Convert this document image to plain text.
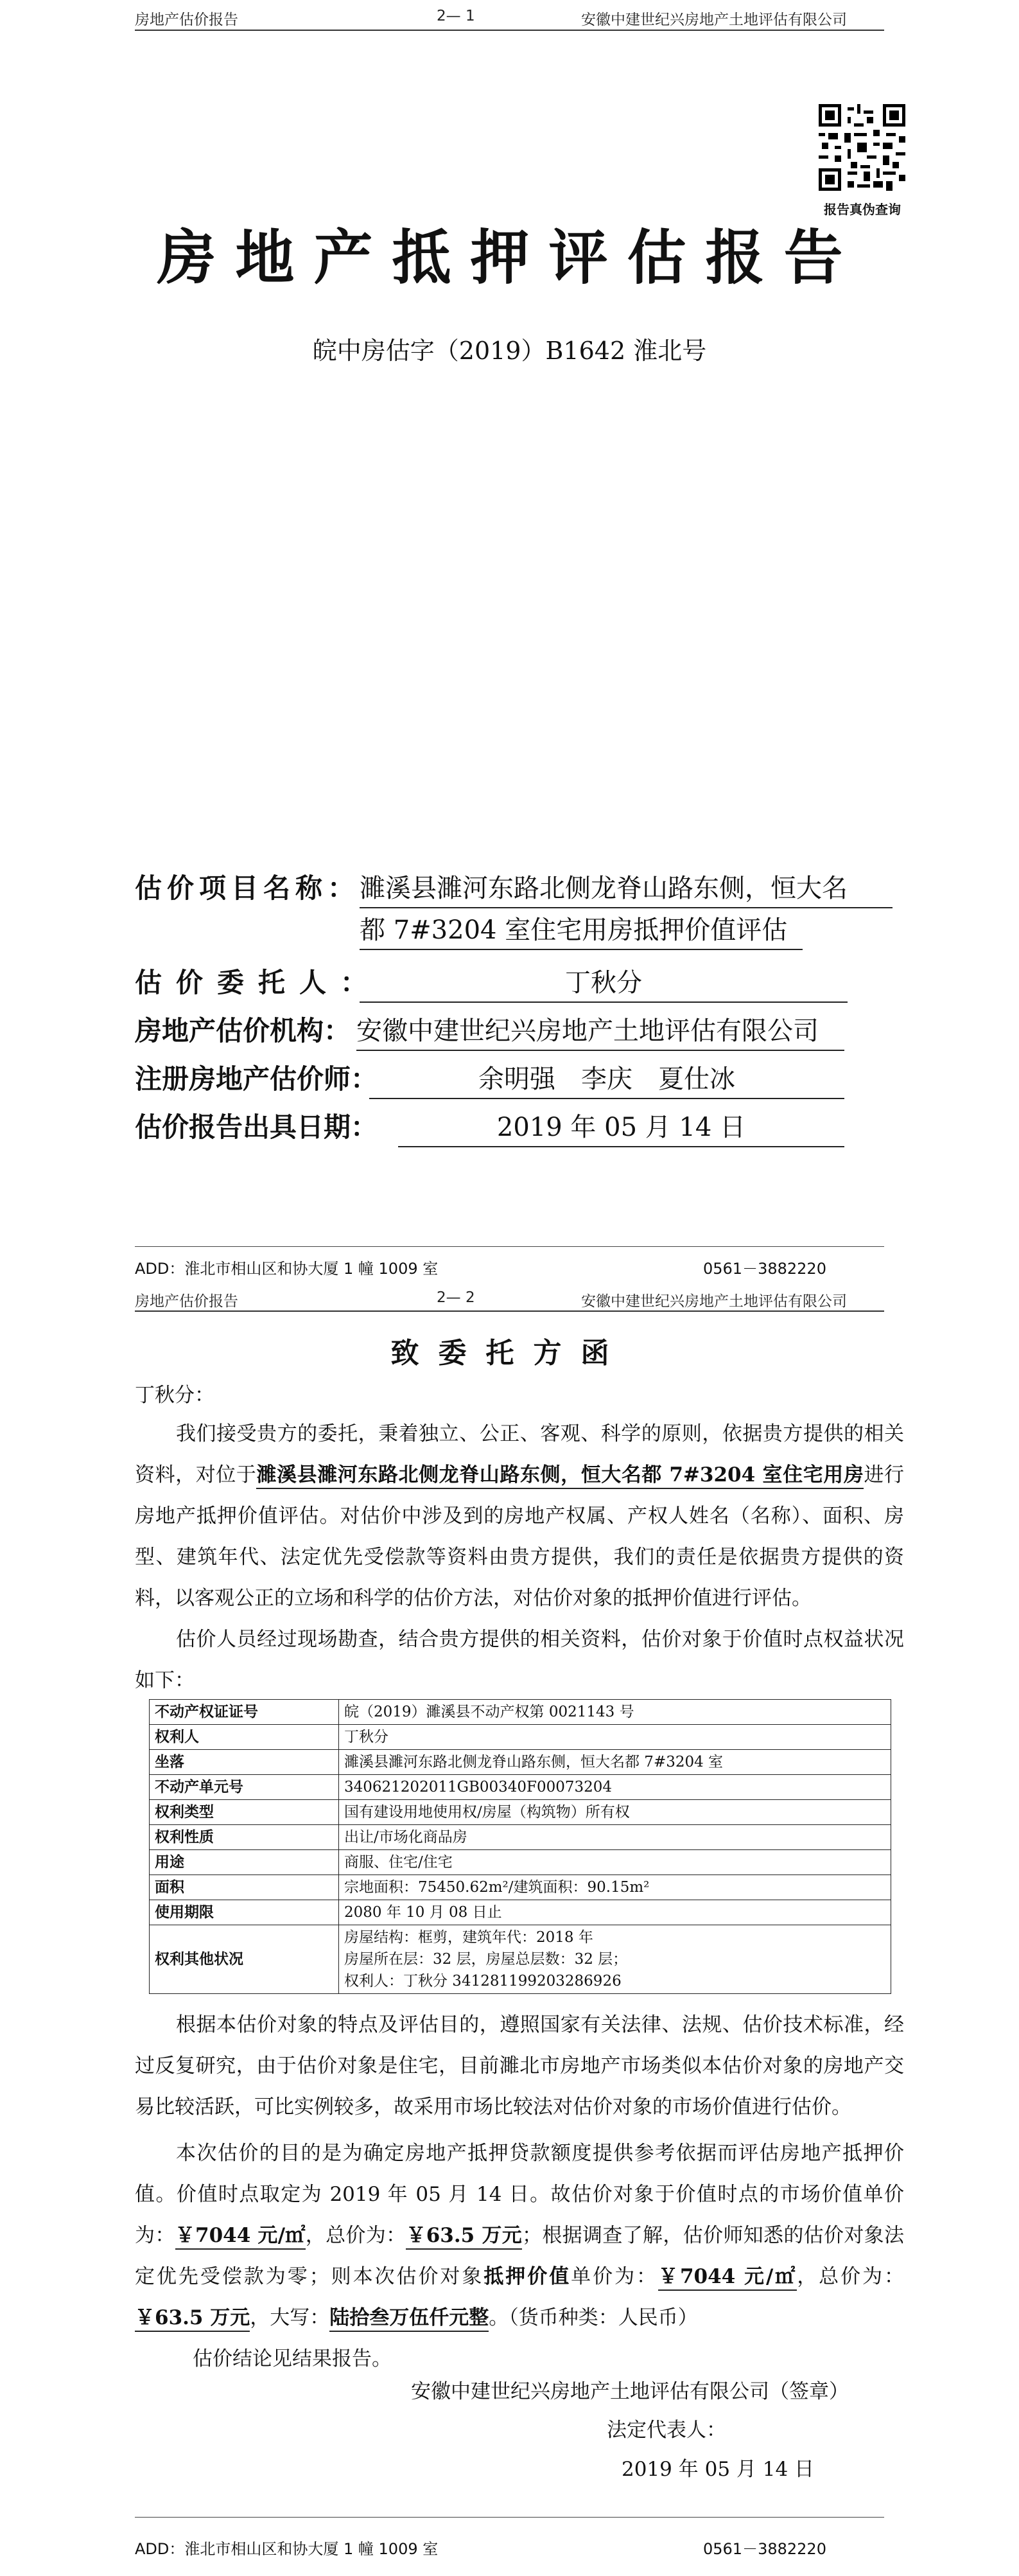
房地产估价报告	2— 1	安徽中建世纪兴房地产土地评估有限公司
报告真伪查询
房地产抵押评估报告
皖中房估字（2019）B1642 淮北号
估价项目名称： 濉溪县濉河东路北侧龙脊山路东侧，恒大名
都 7#3204 室住宅用房抵押价值评估
估价委托人：	丁秋分
房地产估价机构： 安徽中建世纪兴房地产土地评估有限公司
注册房地产估价师：	余明强　李庆　夏仕冰
估价报告出具日期：	2019 年 05 月 14 日
ADD：淮北市相山区和协大厦 1 幢 1009 室	0561－3882220
房地产估价报告	2— 2	安徽中建世纪兴房地产土地评估有限公司
致委托方函
丁秋分：
我们接受贵方的委托，秉着独立、公正、客观、科学的原则，依据贵方提供的相关资料，对位于濉溪县濉河东路北侧龙脊山路东侧，恒大名都 7#3204 室住宅用房进行房地产抵押价值评估。对估价中涉及到的房地产权属、产权人姓名（名称）、面积、房型、建筑年代、法定优先受偿款等资料由贵方提供，我们的责任是依据贵方提供的资料，以客观公正的立场和科学的估价方法，对估价对象的抵押价值进行评估。
估价人员经过现场勘查，结合贵方提供的相关资料，估价对象于价值时点权益状况如下：
不动产权证证号	皖（2019）濉溪县不动产权第 0021143 号
权利人	丁秋分
坐落	濉溪县濉河东路北侧龙脊山路东侧，恒大名都 7#3204 室
不动产单元号	340621202011GB00340F00073204
权利类型	国有建设用地使用权/房屋（构筑物）所有权
权利性质	出让/市场化商品房
用途	商服、住宅/住宅
面积	宗地面积：75450.62m²/建筑面积：90.15m²
使用期限	2080 年 10 月 08 日止
权利其他状况	房屋结构：框剪，建筑年代：2018 年
房屋所在层：32 层，房屋总层数：32 层；
权利人：丁秋分 341281199203286926
根据本估价对象的特点及评估目的，遵照国家有关法律、法规、估价技术标准，经过反复研究，由于估价对象是住宅，目前濉北市房地产市场类似本估价对象的房地产交易比较活跃，可比实例较多，故采用市场比较法对估价对象的市场价值进行估价。
本次估价的目的是为确定房地产抵押贷款额度提供参考依据而评估房地产抵押价值。价值时点取定为 2019 年 05 月 14 日。故估价对象于价值时点的市场价值单价为：￥7044 元/㎡，总价为：￥63.5 万元；根据调查了解，估价师知悉的估价对象法定优先受偿款为零；则本次估价对象抵押价值单价为：￥7044 元/㎡，总价为：￥63.5 万元，大写：陆拾叁万伍仟元整。（货币种类：人民币）
估价结论见结果报告。
安徽中建世纪兴房地产土地评估有限公司（签章）
法定代表人：
2019 年 05 月 14 日
ADD：淮北市相山区和协大厦 1 幢 1009 室	0561－3882220
